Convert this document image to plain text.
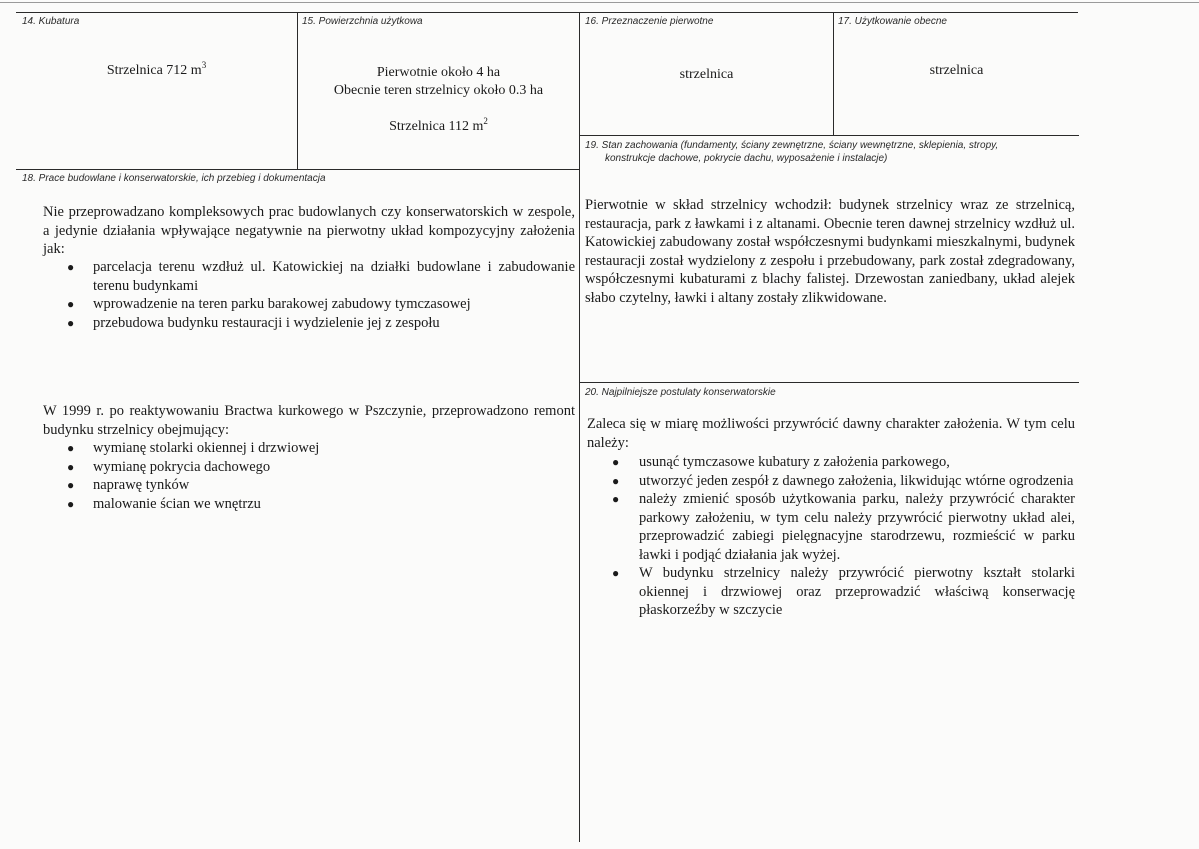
14. Kubatura
Strzelnica 712 $m^3$
15. Powierzchnia użytkowa
Pierwotnie około 4 ha
Obecnie teren strzelnicy około 0.3 ha
Strzelnica 112 $m^2$
16. Przeznaczenie pierwotne
strzelnica
17. Użytkowanie obecne
strzelnica
19. Stan zachowania (fundamenty, ściany zewnętrzne, ściany wewnętrzne, sklepienia, stropy,
konstrukcje dachowe, pokrycie dachu, wyposażenie i instalacje)

Pierwotnie w skład strzelnicy wchodził: budynek strzelnicy wraz ze strzelnicą, restauracja, park z ławkami i z altanami. Obecnie teren dawnej strzelnicy wzdłuż ul. Katowickiej zabudowany został współczesnymi budynkami mieszkalnymi, budynek restauracji został wydzielony z zespołu i przebudowany, park został zdegradowany, współczesnymi kubaturami z blachy falistej. Drzewostan zaniedbany, układ alejek słabo czytelny, ławki i altany zostały zlikwidowane.

18. Prace budowlane i konserwatorskie, ich przebieg i dokumentacja

Nie przeprowadzano kompleksowych prac budowlanych czy konserwatorskich w zespole, a jedynie działania wpływające negatywnie na pierwotny układ kompozycyjny założenia jak:

● parcelacja terenu wzdłuż ul. Katowickiej na działki budowlane i zabudowanie terenu budynkami
● wprowadzenie na teren parku barakowej zabudowy tymczasowej
● przebudowa budynku restauracji i wydzielenie jej z zespołu

W 1999 r. po reaktywowaniu Bractwa kurkowego w Pszczynie, przeprowadzono remont budynku strzelnicy obejmujący:

● wymianę stolarki okiennej i drzwiowej
● wymianę pokrycia dachowego
● naprawę tynków
● malowanie ścian we wnętrzu
20. Najpilniejsze postulaty konserwatorskie

Zaleca się w miarę możliwości przywrócić dawny charakter założenia. W tym celu należy:

● usunąć tymczasowe kubatury z założenia parkowego,
● utworzyć jeden zespół z dawnego założenia, likwidując wtórne ogrodzenia
● należy zmienić sposób użytkowania parku, należy przywrócić charakter parkowy założeniu, w tym celu należy przywrócić pierwotny układ alei, przeprowadzić zabiegi pielęgnacyjne starodrzewu, rozmieścić w parku ławki i podjąć działania jak wyżej.
● W budynku strzelnicy należy przywrócić pierwotny kształt stolarki okiennej i drzwiowej oraz przeprowadzić właściwą konserwację płaskorzeźby w szczycie
